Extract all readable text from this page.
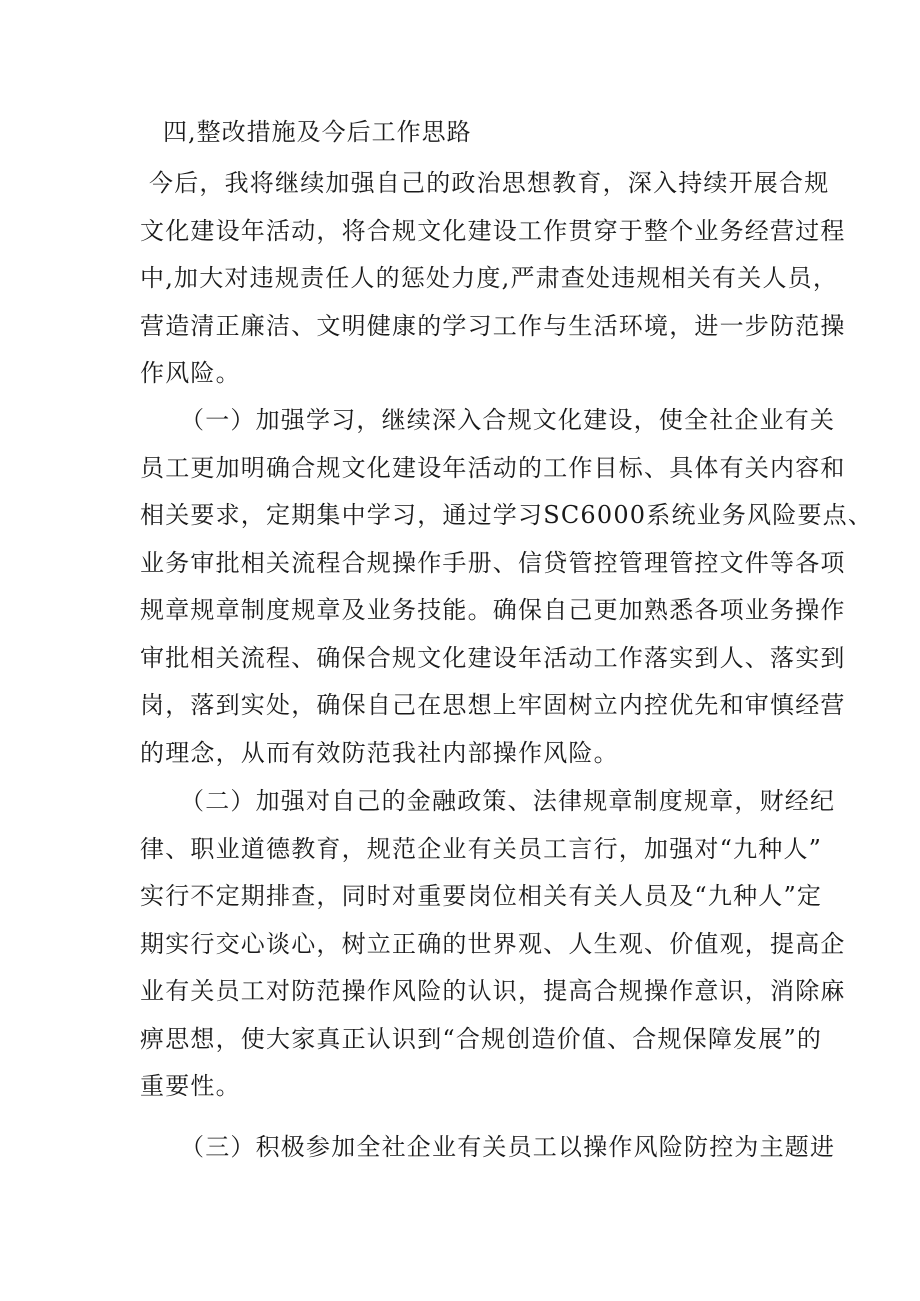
四,整改措施及今后工作思路

今后，我将继续加强自己的政治思想教育，深入持续开展合规
文化建设年活动，将合规文化建设工作贯穿于整个业务经营过程
中,加大对违规责任人的惩处力度,严肃查处违规相关有关人员，
营造清正廉洁、文明健康的学习工作与生活环境，进一步防范操
作风险。

（一）加强学习，继续深入合规文化建设，使全社企业有关
员工更加明确合规文化建设年活动的工作目标、具体有关内容和
相关要求，定期集中学习，通过学习SC6000系统业务风险要点、
业务审批相关流程合规操作手册、信贷管控管理管控文件等各项
规章规章制度规章及业务技能。确保自己更加熟悉各项业务操作
审批相关流程、确保合规文化建设年活动工作落实到人、落实到
岗，落到实处，确保自己在思想上牢固树立内控优先和审慎经营
的理念，从而有效防范我社内部操作风险。

（二）加强对自己的金融政策、法律规章制度规章，财经纪
律、职业道德教育，规范企业有关员工言行，加强对“九种人”
实行不定期排查，同时对重要岗位相关有关人员及“九种人”定
期实行交心谈心，树立正确的世界观、人生观、价值观，提高企
业有关员工对防范操作风险的认识，提高合规操作意识，消除麻
痹思想，使大家真正认识到“合规创造价值、合规保障发展”的
重要性。

（三）积极参加全社企业有关员工以操作风险防控为主题进
